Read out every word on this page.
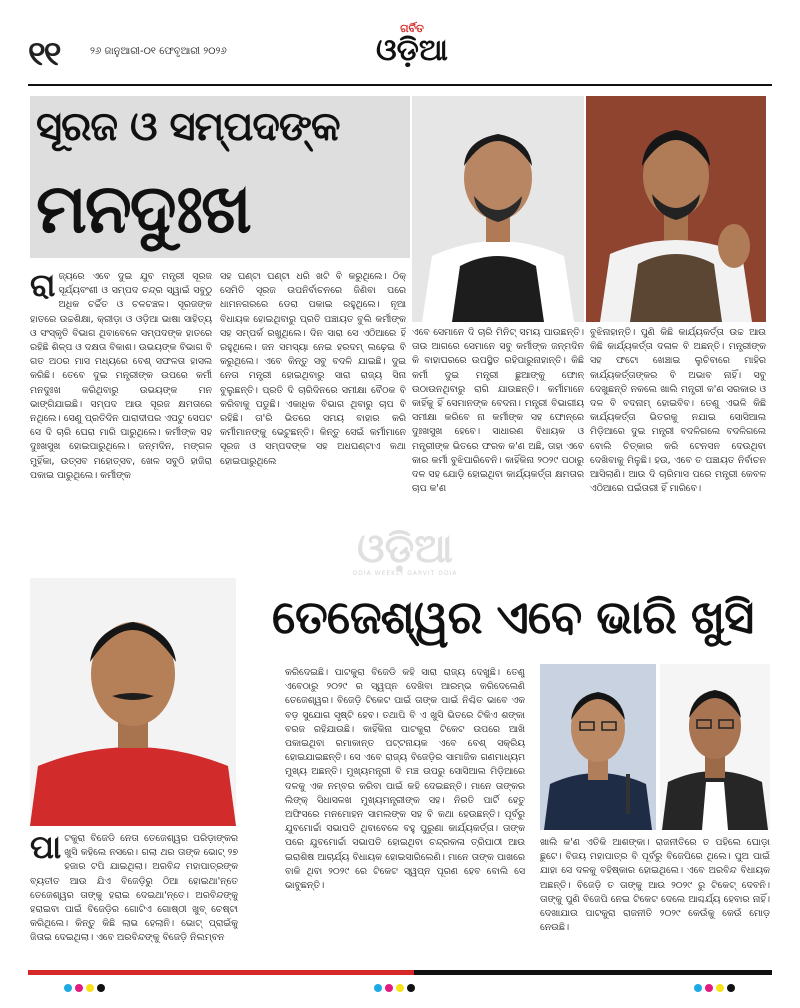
୧୧	୨୬ ଜାନୁଆରୀ-୦୧ ଫେବୃଆରୀ ୨୦୨୬
ଗର୍ବିତ
ଓଡ଼ିଆ
ସୂରଜ ଓ ସମ୍ପଦଙ୍କ
ମନଦୁଃଖ
ରାଜ୍ୟରେ ଏବେ ଦୁଇ ଯୁବ ମନ୍ତ୍ରୀ ସୂରଜ ସୂର୍ଯ୍ୟବଂଶୀ ଓ ସମ୍ପଦ ଚନ୍ଦ୍ର ସ୍ୱାଇଁ ସବୁଠୁ ଅଧିକ ଚର୍ଚ୍ଚିତ ଓ ଚଳଚଞ୍ଚଳ। ସୂରଜଙ୍କ ହାତରେ ଉଚ୍ଚଶିକ୍ଷା, କ୍ରୀଡ଼ା ଓ ଓଡ଼ିଆ ଭାଷା ସାହିତ୍ୟ ଓ ସଂସ୍କୃତି ବିଭାଗ ଥିବାବେଳେ ସମ୍ପଦଙ୍କ ହାତରେ ରହିଛି ଶିଳ୍ପ ଓ ଦକ୍ଷତା ବିକାଶ। ଉଭୟଙ୍କ ବିଭାଗ ବି ଗତ ଅଠର ମାସ ମଧ୍ୟରେ ବେଶ୍ ସଫଳତା ହାସଲ କରିଛି। ତେବେ ଦୁଇ ମନ୍ତ୍ରୀଙ୍କ ଉପରେ କର୍ମୀ ମନଦୁଃଖ କରିଥିବାରୁ ଉଭୟଙ୍କ ମନ ଭାଙ୍ଗିଯାଇଛି। ସମ୍ପଦ ଆଉ ସୂରଜ କ୍ଷମତାରେ ନଥିଲେ। ସେଣୁ ପ୍ରତିଦିନ ପାରାଦୀପର ଏପଟୁ ସେପଟ ସେ ଦି ଚାରି ଘେରା ମାରି ପାରୁଥିଲେ। କର୍ମୀଙ୍କ ସହ ଦୁଃଖସୁଖ ହୋଇପାରୁଥିଲେ। ଜନ୍ମଦିନ, ମଙ୍ଗଳ ମୁହିଁକା, ଉତ୍ସବ ମହୋତ୍ସବ, ଖେଳ ସବୁଠି ହାଜିରା ପକାଇ ପାରୁଥିଲେ। କର୍ମୀଙ୍କ
ସହ ଘଣ୍ଟା ଘଣ୍ଟା ଧରି ଖଟି ବି କରୁଥିଲେ। ଠିକ୍ ସେମିତି ସୂରଜ ଉପନିର୍ବାଚନରେ ଜିଣିବା ପରେ ଧାମନଗରରେ ଡେରା ପକାଇ ରହୁଥିଲେ। ନୂଆ ବିଧାୟକ ହୋଇଥିବାରୁ ପ୍ରତି ପଞ୍ଚାୟତ ବୁଲି କର୍ମୀଙ୍କ ସହ ସମ୍ପର୍କ ରଖୁଥିଲେ। ଦିନ ସାରା ସେ ଏଠିଆରେ ହିଁ ରହୁଥିଲେ। ଜନ ସମସ୍ୟା ନେଇ ହରଦମ୍ ଲଢ଼େଇ ବି କରୁଥିଲେ। ଏବେ କିନ୍ତୁ ସବୁ ବଦଳି ଯାଇଛି। ଦୁଇ ନେତା ମନ୍ତ୍ରୀ ହୋଇଥିବାରୁ ସାରା ରାଜ୍ୟ ସିନା ବୁଲୁଛନ୍ତି। ପ୍ରତି ଦି ଚାରିଦିନରେ ସମୀକ୍ଷା ବୈଠକ ବି କରିବାକୁ ପଡୁଛି। ଏକାଧିକ ବିଭାଗ ଥିବାରୁ ଚାପ ବି ରହିଛି। ତା'ରି ଭିତରେ ସମୟ ବାହାର କରି କର୍ମୀମାନଙ୍କୁ ଭେଟୁଛନ୍ତି। କିନ୍ତୁ ସେଇଁ କର୍ମୀମାନେ ସୂରଜ ଓ ସମ୍ପଦଙ୍କ ସହ ଅଧଘଣ୍ଟାଏ କଥା ହୋଇପାରୁଥିଲେ
ଏବେ ସେମାନେ ଦି ଚାରି ମିନିଟ୍ ସମୟ ପାଉଛନ୍ତି। ତାଉ ଆଗରେ ସେମାନେ ସବୁ କର୍ମୀଙ୍କ ଜନ୍ମଦିନ କି ବାହାଘରରେ ଉପସ୍ଥିତ ରହିପାରୁନାହାନ୍ତି। କିଛି କର୍ମୀ ଦୁଇ ମନ୍ତ୍ରୀ ଛୁଆଙ୍କୁ ଫୋନ୍ ଉଠାଉନଥିବାରୁ ରାଗି ଯାଉଛନ୍ତି। କର୍ମୀମାନେ କାହିଁକୁ ହିଁ ସେମାନଙ୍କ ବେଦନା। ମନ୍ତ୍ରୀ ବିଭାଗୀୟ ସମୀକ୍ଷା କରିବେ ନା କର୍ମୀଙ୍କ ସହ ଫୋନ୍‌ରେ ଦୁଃଖସୁଖ ହେବେ। ସାଧାରଣ ବିଧାୟକ ଓ ମନ୍ତ୍ରୀଙ୍କ ଭିତରେ ଫରକ କ'ଣ ଅଛି, ତାହା ଏବେ କାର କର୍ମୀ ବୁଝିପାରିବେନି। କାହିଁକିନା ୨୦୨୯ ପଠାରୁ ଦଳ ସହ ଯୋଡ଼ି ହୋଇଥିବା କାର୍ଯ୍ୟକର୍ତ୍ତା କ୍ଷମତାର ଚାପ କ'ଣ
ବୁଝିନାହାନ୍ତି। ପୁଣି କିଛି କାର୍ଯ୍ୟକର୍ତ୍ତା ଉଚ୍ଚ ଆଉ କିଛି କାର୍ଯ୍ୟକର୍ତ୍ତା ଦଳାଳ ବି ଅଛନ୍ତି। ମନ୍ତ୍ରୀଙ୍କ ସହ ଫଟୋ ଖେଞ୍ଚାଇ ଲୁଚିବାରେ ମାହିର କାର୍ଯ୍ୟକର୍ତ୍ତାଙ୍କର ବି ଅଭାବ ନାହିଁ। ସବୁ ଦେଖୁଛନ୍ତି ନକଲେ ଖାଲି ମନ୍ତ୍ରୀ କ'ଣ ସରକାର ଓ ଦଳ ବି ବଦନାମ୍ ହୋଇବିବ। ତେଣୁ ଏଭଳି କିଛି କାର୍ଯ୍ୟକର୍ତ୍ତା ଭିତରକୁ ନଯାଇ ସୋସିଆଲ ମିଡ଼ିଆରେ ଦୁଇ ମନ୍ତ୍ରୀ ବଦଳିଗଲେ ବଦଳିଗଲେ ବୋଲି ଚିତ୍କାର କରି ଟେନସନ ଦେଉଥିବା ଦେଖିବାକୁ ମିଳୁଛି। ହଉ, ଏବେ ତ ପଞ୍ଚାୟତ ନିର୍ବାଚନ ଆସିଲାଣି। ଆଉ ଦି ଚାରିମାସ ପରେ ମନ୍ତ୍ରୀ କେବଳ ଏଠିଆରେ ପଇଁତାରୀ ହିଁ ମାରିବେ।
ଓଡ଼ିଆ
ODIA WEEKLY GARVIT ODIA
ତେଜେଶ୍ୱର ଏବେ ଭାରି ଖୁସି
ପାଟକୁରା ବିଜେଡି ନେତା ତେଜେଶ୍ୱର ପରିଡ଼ାଙ୍କର ଖୁସି କହିଲେ ନସରେ। ଗଲା ଥର ତାଙ୍କ ଭୋଟ୍ ୨୭ ହଜାର ଟପି ଯାଇଥିଲା। ଅରବିନ୍ଦ ମହାପାତ୍ରଙ୍କ ବ୍ୟତୀତ ଆଉ ଯିଏ ବିଜେଡ଼ିରୁ ଠିଆ ହୋଇଥା'ନ୍ତେ ତେଜେଶ୍ୱର ତାଙ୍କୁ ହରାଇ ଦେଇଥା'ନ୍ତେ। ଅରବିନ୍ଦଙ୍କୁ ହରାଇବା ପାଇଁ ବିଜେଡ଼ିର ଗୋଟିଏ ଗୋଷ୍ଠୀ ଖୁବ୍ ଚେଷ୍ଟା କରିଥିଲେ। କିନ୍ତୁ କିଛି ଲାଭ ହେଲାନି। ଭୋଟ୍ ପ୍ରାଇଁକୁ ଜିତାଇ ଦେଇଥିଲା। ଏବେ ଅରବିନ୍ଦଙ୍କୁ ବିଜେଡ଼ି ନିଲମ୍ବନ
କରିଦେଇଛି। ପାଟକୁରା ବିଜେଡି କହି ସାରା ରାଜ୍ୟ ଦେଖୁଛି। ତେଣୁ ଏବେଠାରୁ ୨୦୨୯ ର ସ୍ୱପ୍ନ ଦେଖିବା ଆରମ୍ଭ କରିଦେଲେଣି ତେଜେଶ୍ୱର। ବିଜେଡ଼ି ଟିକେଟ ପାଇଁ ତାଙ୍କ ପାଇଁ ନିଶ୍ଚିତ ଭାବେ ଏକ ବଡ଼ ସୁଯୋଗ ସୃଷ୍ଟି ହେବ। ତଥାପି ବି ଏ ଖୁସି ଭିତରେ ଟିକିଏ ଶଙ୍କା ବରଜ ରହିଯାଉଛି। କାହିଁକିନା ପାଟକୁରା ଟିକେଟ ଉପରେ ଆଖି ପକାଇଥିବା ରମାକାନ୍ତ ପଟ୍ଟନାୟକ ଏବେ ବେଶ୍ ସକ୍ରିୟ ହୋଇଯାଇଛନ୍ତି। ସେ ଏବେ ରାଜ୍ୟ ବିଜେଡ଼ିର ସାମାଜିକ ଗଣମାଧ୍ୟମ ମୁଖ୍ୟ ଅଛନ୍ତି। ମୁଖ୍ୟମନ୍ତ୍ରୀ ବି ମଞ୍ଚ ଉପରୁ ସୋସିଆଲ ମିଡ଼ିଆରେ ଦଳକୁ ଏକ ନମ୍ବର କରିବା ପାଇଁ କହି ଦେଇଛନ୍ତି। ମାନେ ତାଙ୍କର ଲିଙ୍କ୍ ସିଧାସଳଖ ମୁଖ୍ୟମନ୍ତ୍ରୀଙ୍କ ସହ। ନିରତି ପାର୍ଟି ହେତୁ ଅଫିସରେ ମନମୋହନ ସାମଲଙ୍କ ସହ ବି କଥା ହେଉଛନ୍ତି। ପୂର୍ବରୁ ଯୁବମୋର୍ଚ୍ଚା ସଭାପତି ଥିବାବେଳେ ବହୁ ପୁରୁଣା କାର୍ଯ୍ୟକର୍ତ୍ତା। ତାଙ୍କ ପରେ ଯୁବମୋର୍ଚ୍ଚା ସଭାପତି ହୋଇଥିବା ଚନ୍ଦ୍ରକଳା ତ୍ରିପାଠୀ ଆଉ ଇରାଶିଷ ଆଚାର୍ଯ୍ୟ ବିଧାୟକ ହୋଇସାରିଲେଣି। ମାନେ ତାଙ୍କ ପାଖରେ ବାକି ଥିବା ୨୦୨୯ ରେ ଟିକେଟ ସ୍ୱପ୍ନ ପୂରଣ ହେବ ବୋଲି ସେ ଭାବୁଛନ୍ତି।
ଖାଲି କ'ଣ ଏତିକି ଆଶଙ୍କା। ରାଜନୀତିରେ ତ ପହିଲେ ଘୋଡ଼ା ଛୁଟେ। ବିଜୟ ମହାପାତ୍ର ବି ପୂର୍ବରୁ ବିଜେପିରେ ଥିଲେ। ପୁଅ ପାଇଁ ଯାହା ସେ ଦଳକୁ ବହିଷ୍କାର ହୋଇଥିଲେ। ଏବେ ଅରବିନ୍ଦ ବିଧାୟକ ଅଛନ୍ତି। ବିଜେଡ଼ି ତ ତାଙ୍କୁ ଆଉ ୨୦୨୯ ରୁ ଟିକେଟ୍ ଦେବନି। ତାଙ୍କୁ ପୁଣି ବିଜେପି ନେଇ ଟିକେଟ ଦେଲେ ଆଶ୍ଚର୍ଯ୍ୟ ହେବାର ନାହିଁ। ଦେଖାଯାଉ ପାଟକୁରା ରାଜନୀତି ୨୦୨୯ କେଉଁକୁ କେଉଁ ମୋଡ଼ ନେଉଛି।
